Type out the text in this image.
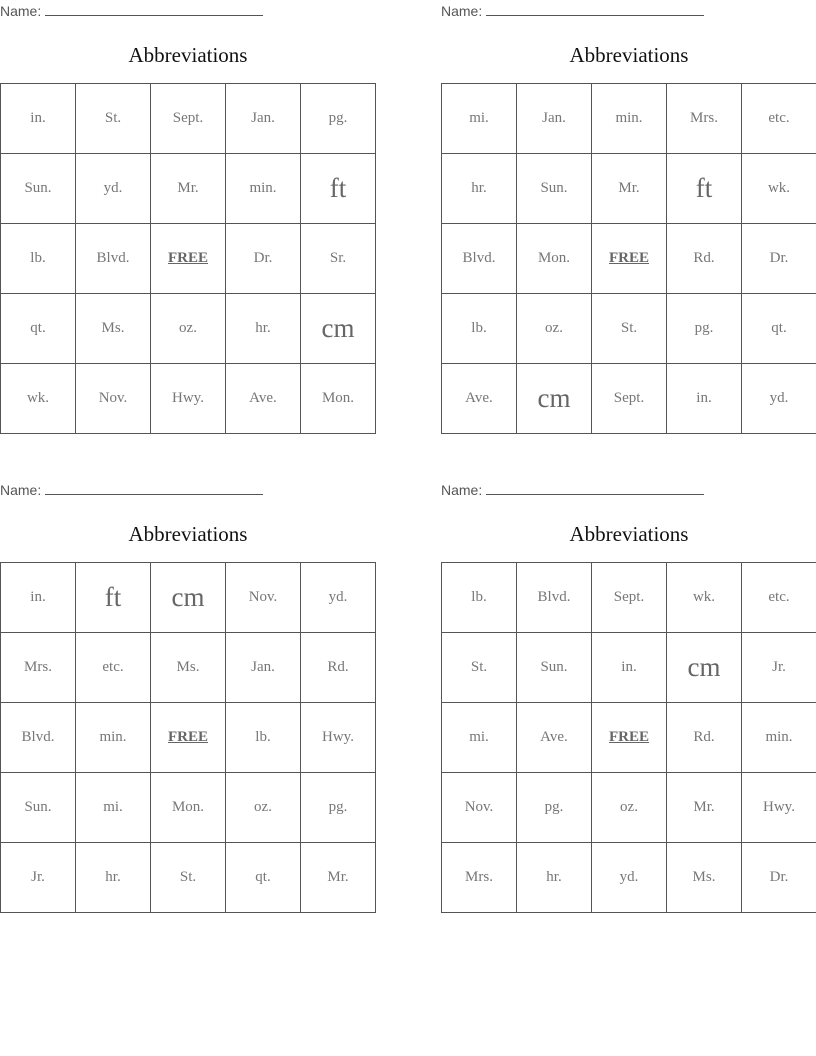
Name:
Abbreviations
in.	St.	Sept.	Jan.	pg.
Sun.	yd.	Mr.	min.	ft
lb.	Blvd.	FREE	Dr.	Sr.
qt.	Ms.	oz.	hr.	cm
wk.	Nov.	Hwy.	Ave.	Mon.
Name:
Abbreviations
mi.	Jan.	min.	Mrs.	etc.
hr.	Sun.	Mr.	ft	wk.
Blvd.	Mon.	FREE	Rd.	Dr.
lb.	oz.	St.	pg.	qt.
Ave.	cm	Sept.	in.	yd.
Name:
Abbreviations
in.	ft	cm	Nov.	yd.
Mrs.	etc.	Ms.	Jan.	Rd.
Blvd.	min.	FREE	lb.	Hwy.
Sun.	mi.	Mon.	oz.	pg.
Jr.	hr.	St.	qt.	Mr.
Name:
Abbreviations
lb.	Blvd.	Sept.	wk.	etc.
St.	Sun.	in.	cm	Jr.
mi.	Ave.	FREE	Rd.	min.
Nov.	pg.	oz.	Mr.	Hwy.
Mrs.	hr.	yd.	Ms.	Dr.
